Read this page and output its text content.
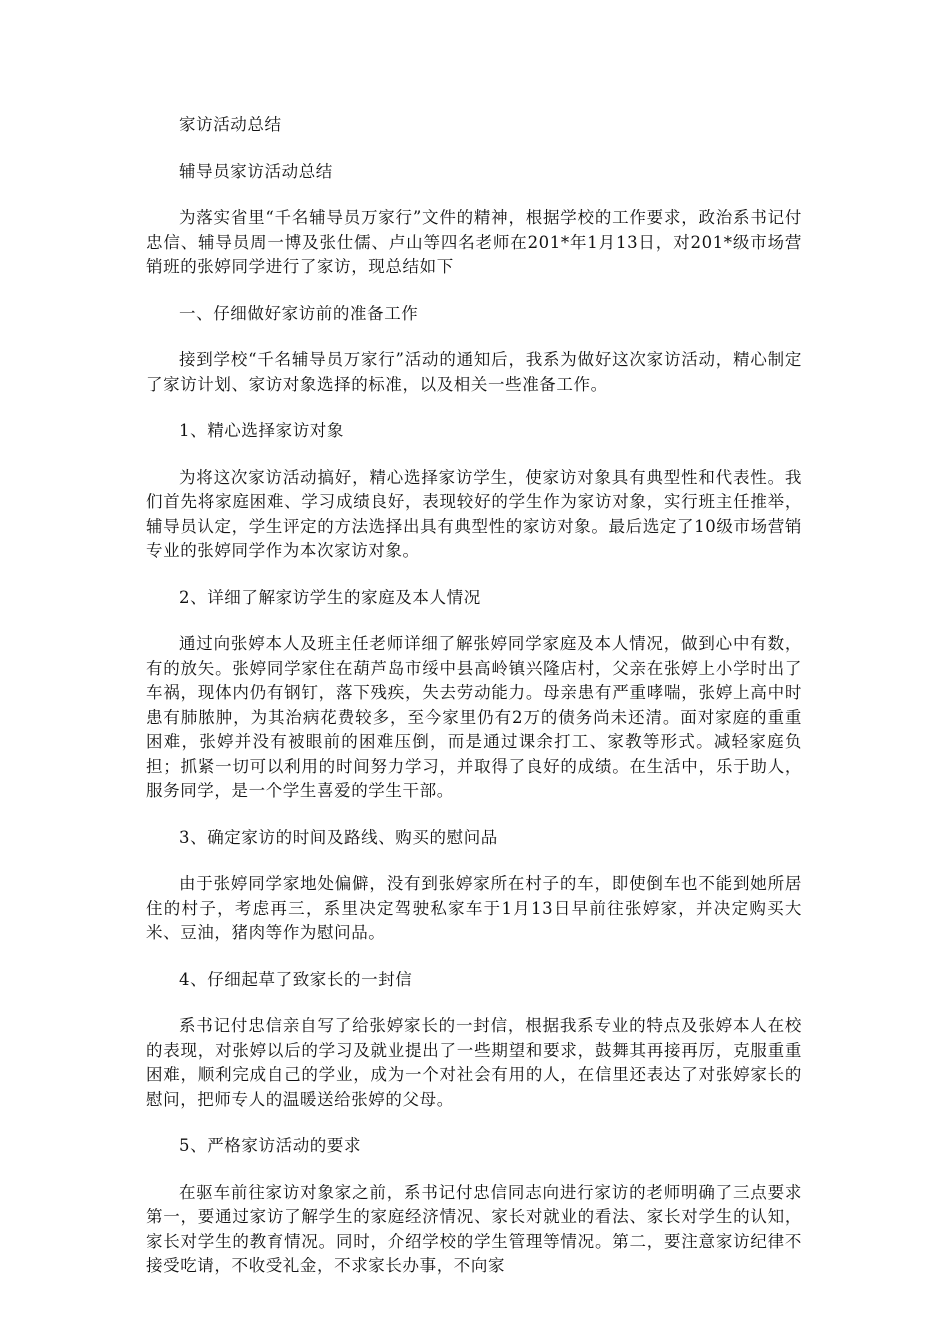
家访活动总结

辅导员家访活动总结

为落实省里“千名辅导员万家行”文件的精神，根据学校的工作要求，政治系书记付忠信、辅导员周一博及张仕儒、卢山等四名老师在201*年1月13日，对201*级市场营销班的张婷同学进行了家访，现总结如下

一、仔细做好家访前的准备工作

接到学校“千名辅导员万家行”活动的通知后，我系为做好这次家访活动，精心制定了家访计划、家访对象选择的标准，以及相关一些准备工作。

1、精心选择家访对象

为将这次家访活动搞好，精心选择家访学生，使家访对象具有典型性和代表性。我们首先将家庭困难、学习成绩良好，表现较好的学生作为家访对象，实行班主任推举，辅导员认定，学生评定的方法选择出具有典型性的家访对象。最后选定了10级市场营销专业的张婷同学作为本次家访对象。

2、详细了解家访学生的家庭及本人情况

通过向张婷本人及班主任老师详细了解张婷同学家庭及本人情况，做到心中有数，有的放矢。张婷同学家住在葫芦岛市绥中县高岭镇兴隆店村，父亲在张婷上小学时出了车祸，现体内仍有钢钉，落下残疾，失去劳动能力。母亲患有严重哮喘，张婷上高中时患有肺脓肿，为其治病花费较多，至今家里仍有2万的债务尚未还清。面对家庭的重重困难，张婷并没有被眼前的困难压倒，而是通过课余打工、家教等形式。减轻家庭负担；抓紧一切可以利用的时间努力学习，并取得了良好的成绩。在生活中，乐于助人，服务同学，是一个学生喜爱的学生干部。

3、确定家访的时间及路线、购买的慰问品

由于张婷同学家地处偏僻，没有到张婷家所在村子的车，即使倒车也不能到她所居住的村子，考虑再三，系里决定驾驶私家车于1月13日早前往张婷家，并决定购买大米、豆油，猪肉等作为慰问品。

4、仔细起草了致家长的一封信

系书记付忠信亲自写了给张婷家长的一封信，根据我系专业的特点及张婷本人在校的表现，对张婷以后的学习及就业提出了一些期望和要求，鼓舞其再接再厉，克服重重困难，顺利完成自己的学业，成为一个对社会有用的人，在信里还表达了对张婷家长的慰问，把师专人的温暖送给张婷的父母。

5、严格家访活动的要求

在驱车前往家访对象家之前，系书记付忠信同志向进行家访的老师明确了三点要求第一，要通过家访了解学生的家庭经济情况、家长对就业的看法、家长对学生的认知，家长对学生的教育情况。同时，介绍学校的学生管理等情况。第二，要注意家访纪律不接受吃请，不收受礼金，不求家长办事，不向家
